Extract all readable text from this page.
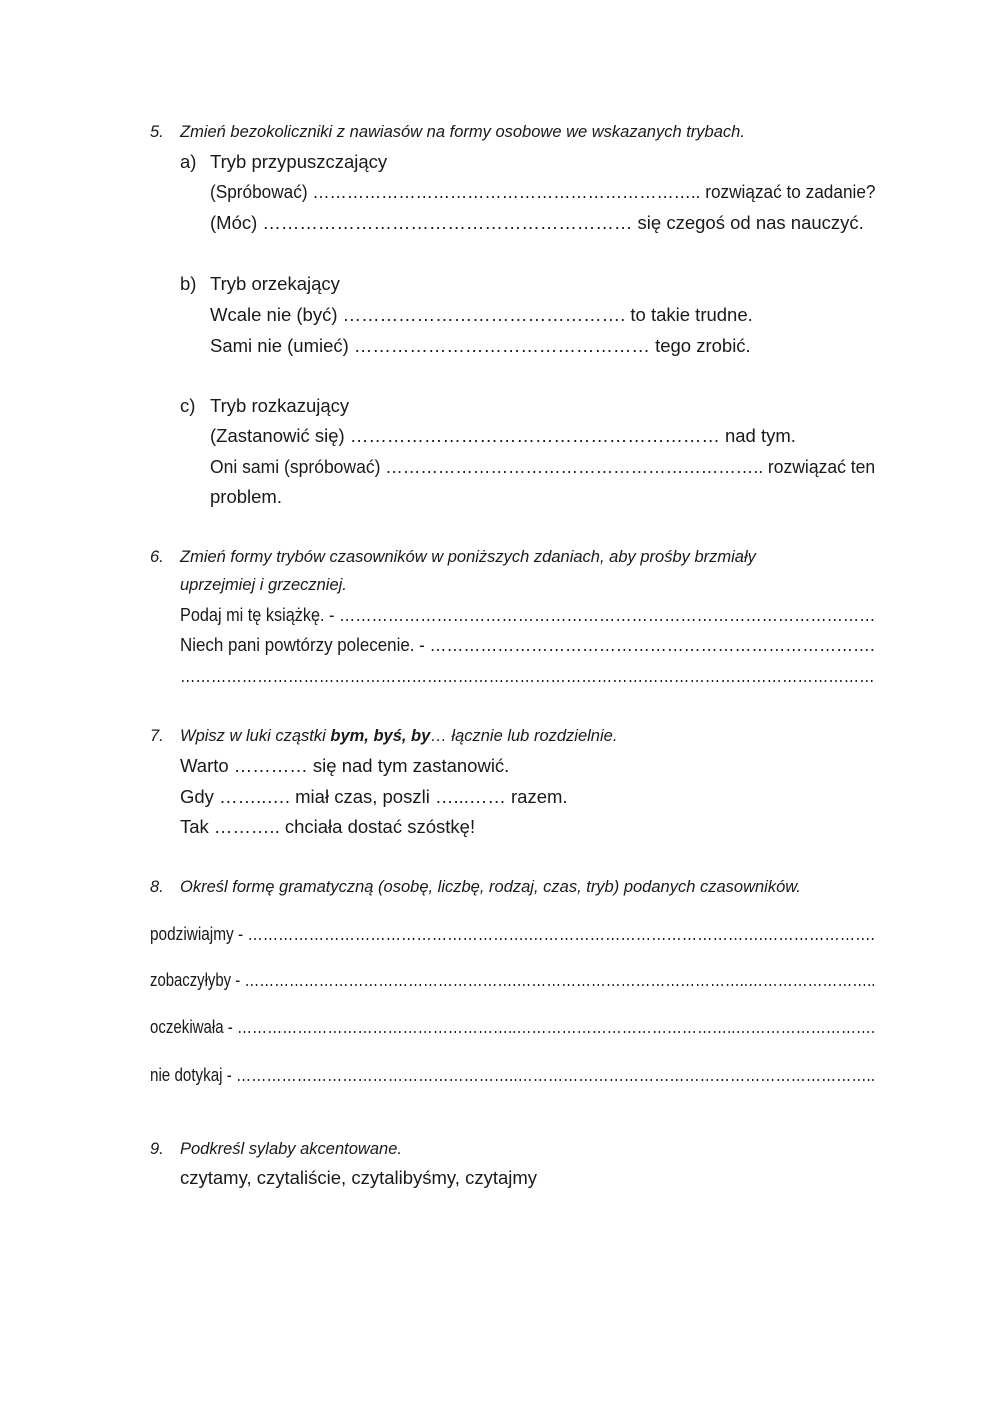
5. Zmień bezokoliczniki z nawiasów na formy osobowe we wskazanych trybach.
a) Tryb przypuszczający
(Spróbować) ………………………………………………………….. rozwiązać to zadanie?
(Móc) …………………………………………………… się czegoś od nas nauczyć.
b) Tryb orzekający
Wcale nie (być) ………………………………………. to takie trudne.
Sami nie (umieć) ………………………………………… tego zrobić.
c) Tryb rozkazujący
(Zastanowić się) …………………………………………………… nad tym.
Oni sami (spróbować) ……………………………………………………….. rozwiązać ten
problem.
6. Zmień formy trybów czasowników w poniższych zdaniach, aby prośby brzmiały
uprzejmiej i grzeczniej.
Podaj mi tę książkę. - ………………………………………………………………………………………
Niech pani powtórzy polecenie. - …………………………………………………………………….
………………………………………………………………………………………………………………………
7. Wpisz w luki cząstki bym, byś, by… łącznie lub rozdzielnie.
Warto ………… się nad tym zastanowić.
Gdy ……..…. miał czas, poszli …...…… razem.
Tak ……….. chciała dostać szóstkę!
8. Określ formę gramatyczną (osobę, liczbę, rodzaj, czas, tryb) podanych czasowników.
podziwiajmy - ……………………………………………….……………………………………….………………….
zobaczyłyby - ……………………………………………….………………………………………..……………………..
oczekiwała - ………………………………………………..……………………………………..……………………….
nie dotykaj - ………………………………………………..……………………………………………………………..
9. Podkreśl sylaby akcentowane.
czytamy, czytaliście, czytalibyśmy, czytajmy
